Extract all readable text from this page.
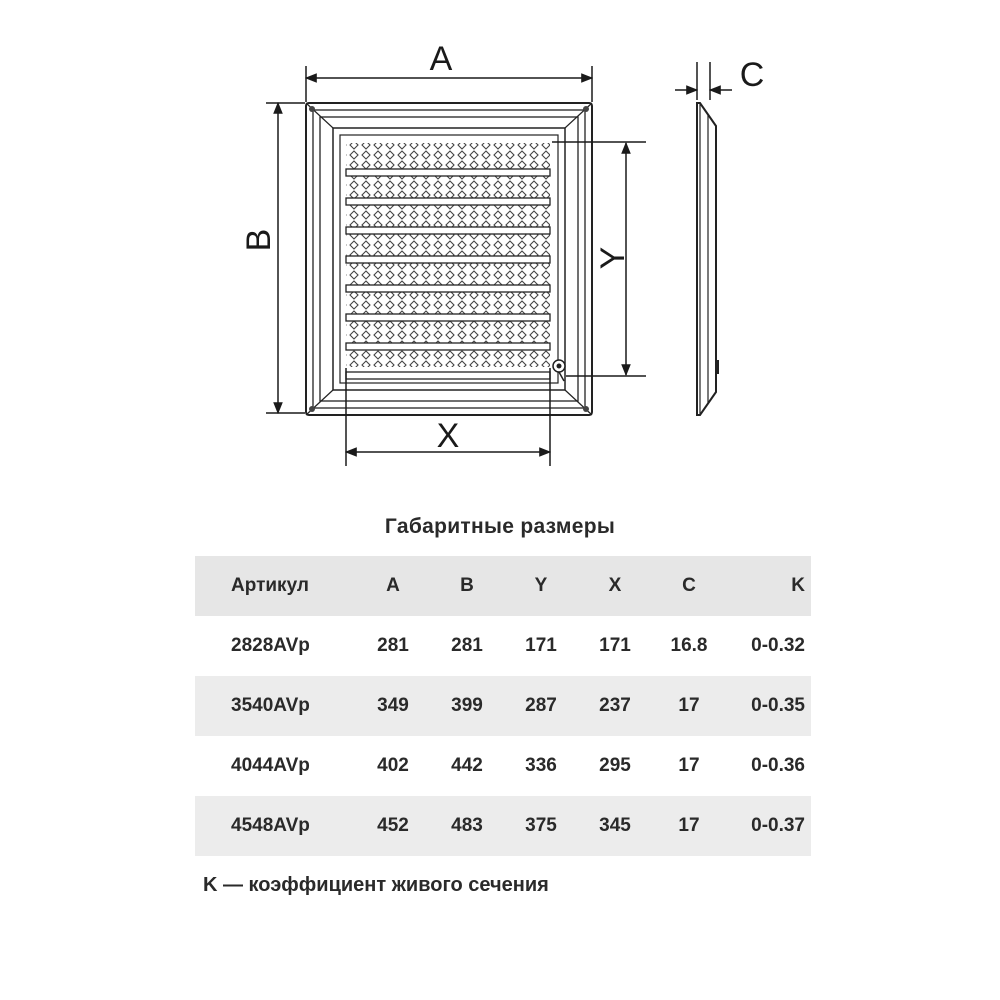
A
B
X
Y
C
Габаритные размеры
Артикул	A	B	Y	X	C	K
2828AVp	281	281	171	171	16.8	0-0.32
3540AVp	349	399	287	237	17	0-0.35
4044AVp	402	442	336	295	17	0-0.36
4548AVp	452	483	375	345	17	0-0.37
K — коэффициент живого сечения
